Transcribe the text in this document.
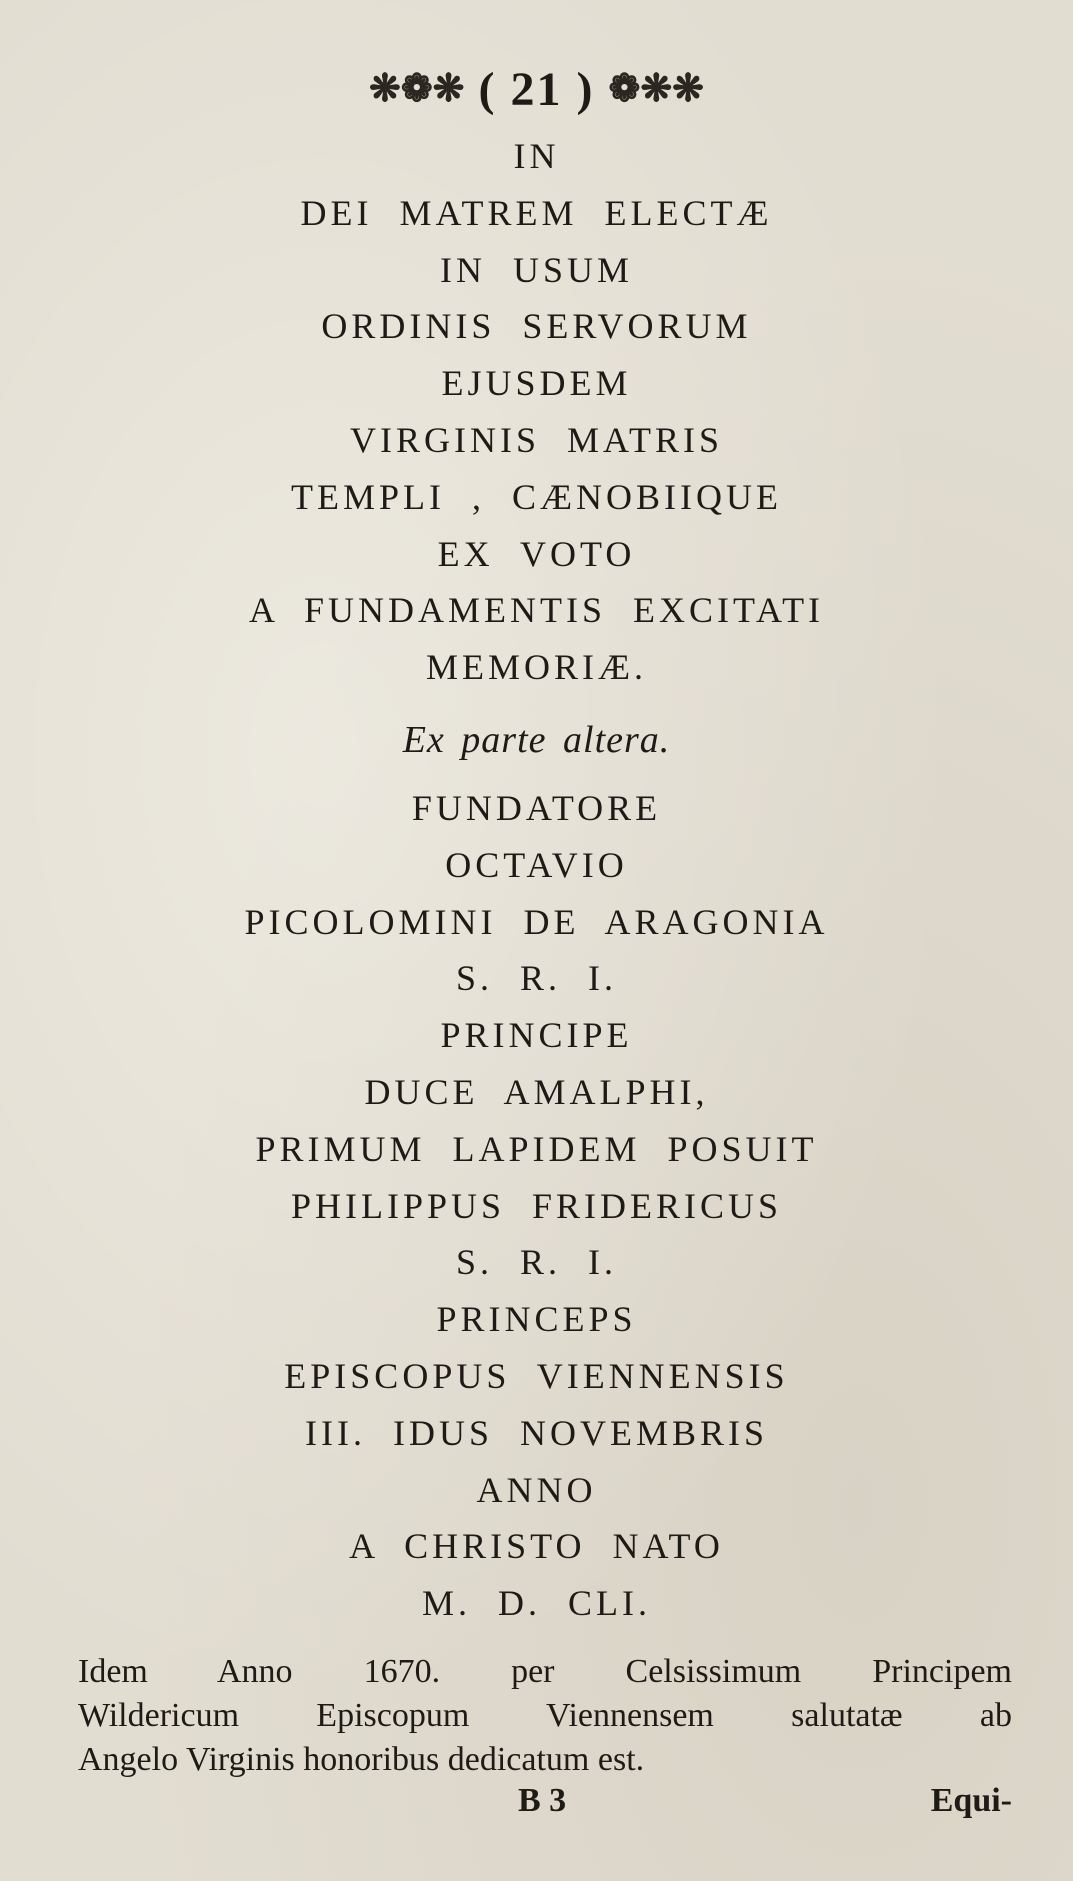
❋❁❋ ( 21 ) ❁❋❋
IN
DEI MATREM ELECTÆ
IN USUM
ORDINIS SERVORUM
EJUSDEM
VIRGINIS MATRIS
TEMPLI , CÆNOBIIQUE
EX VOTO
A FUNDAMENTIS EXCITATI
MEMORIÆ.
Ex parte altera.
FUNDATORE
OCTAVIO
PICOLOMINI DE ARAGONIA
S. R. I.
PRINCIPE
DUCE AMALPHI,
PRIMUM LAPIDEM POSUIT
PHILIPPUS FRIDERICUS
S. R. I.
PRINCEPS
EPISCOPUS VIENNENSIS
III. IDUS NOVEMBRIS
ANNO
A CHRISTO NATO
M. D. CLI.
Idem Anno 1670. per Celsissimum Principem
Wildericum Episcopum Viennensem salutatæ ab
Angelo Virginis honoribus dedicatum est.
B 3	Equi-
